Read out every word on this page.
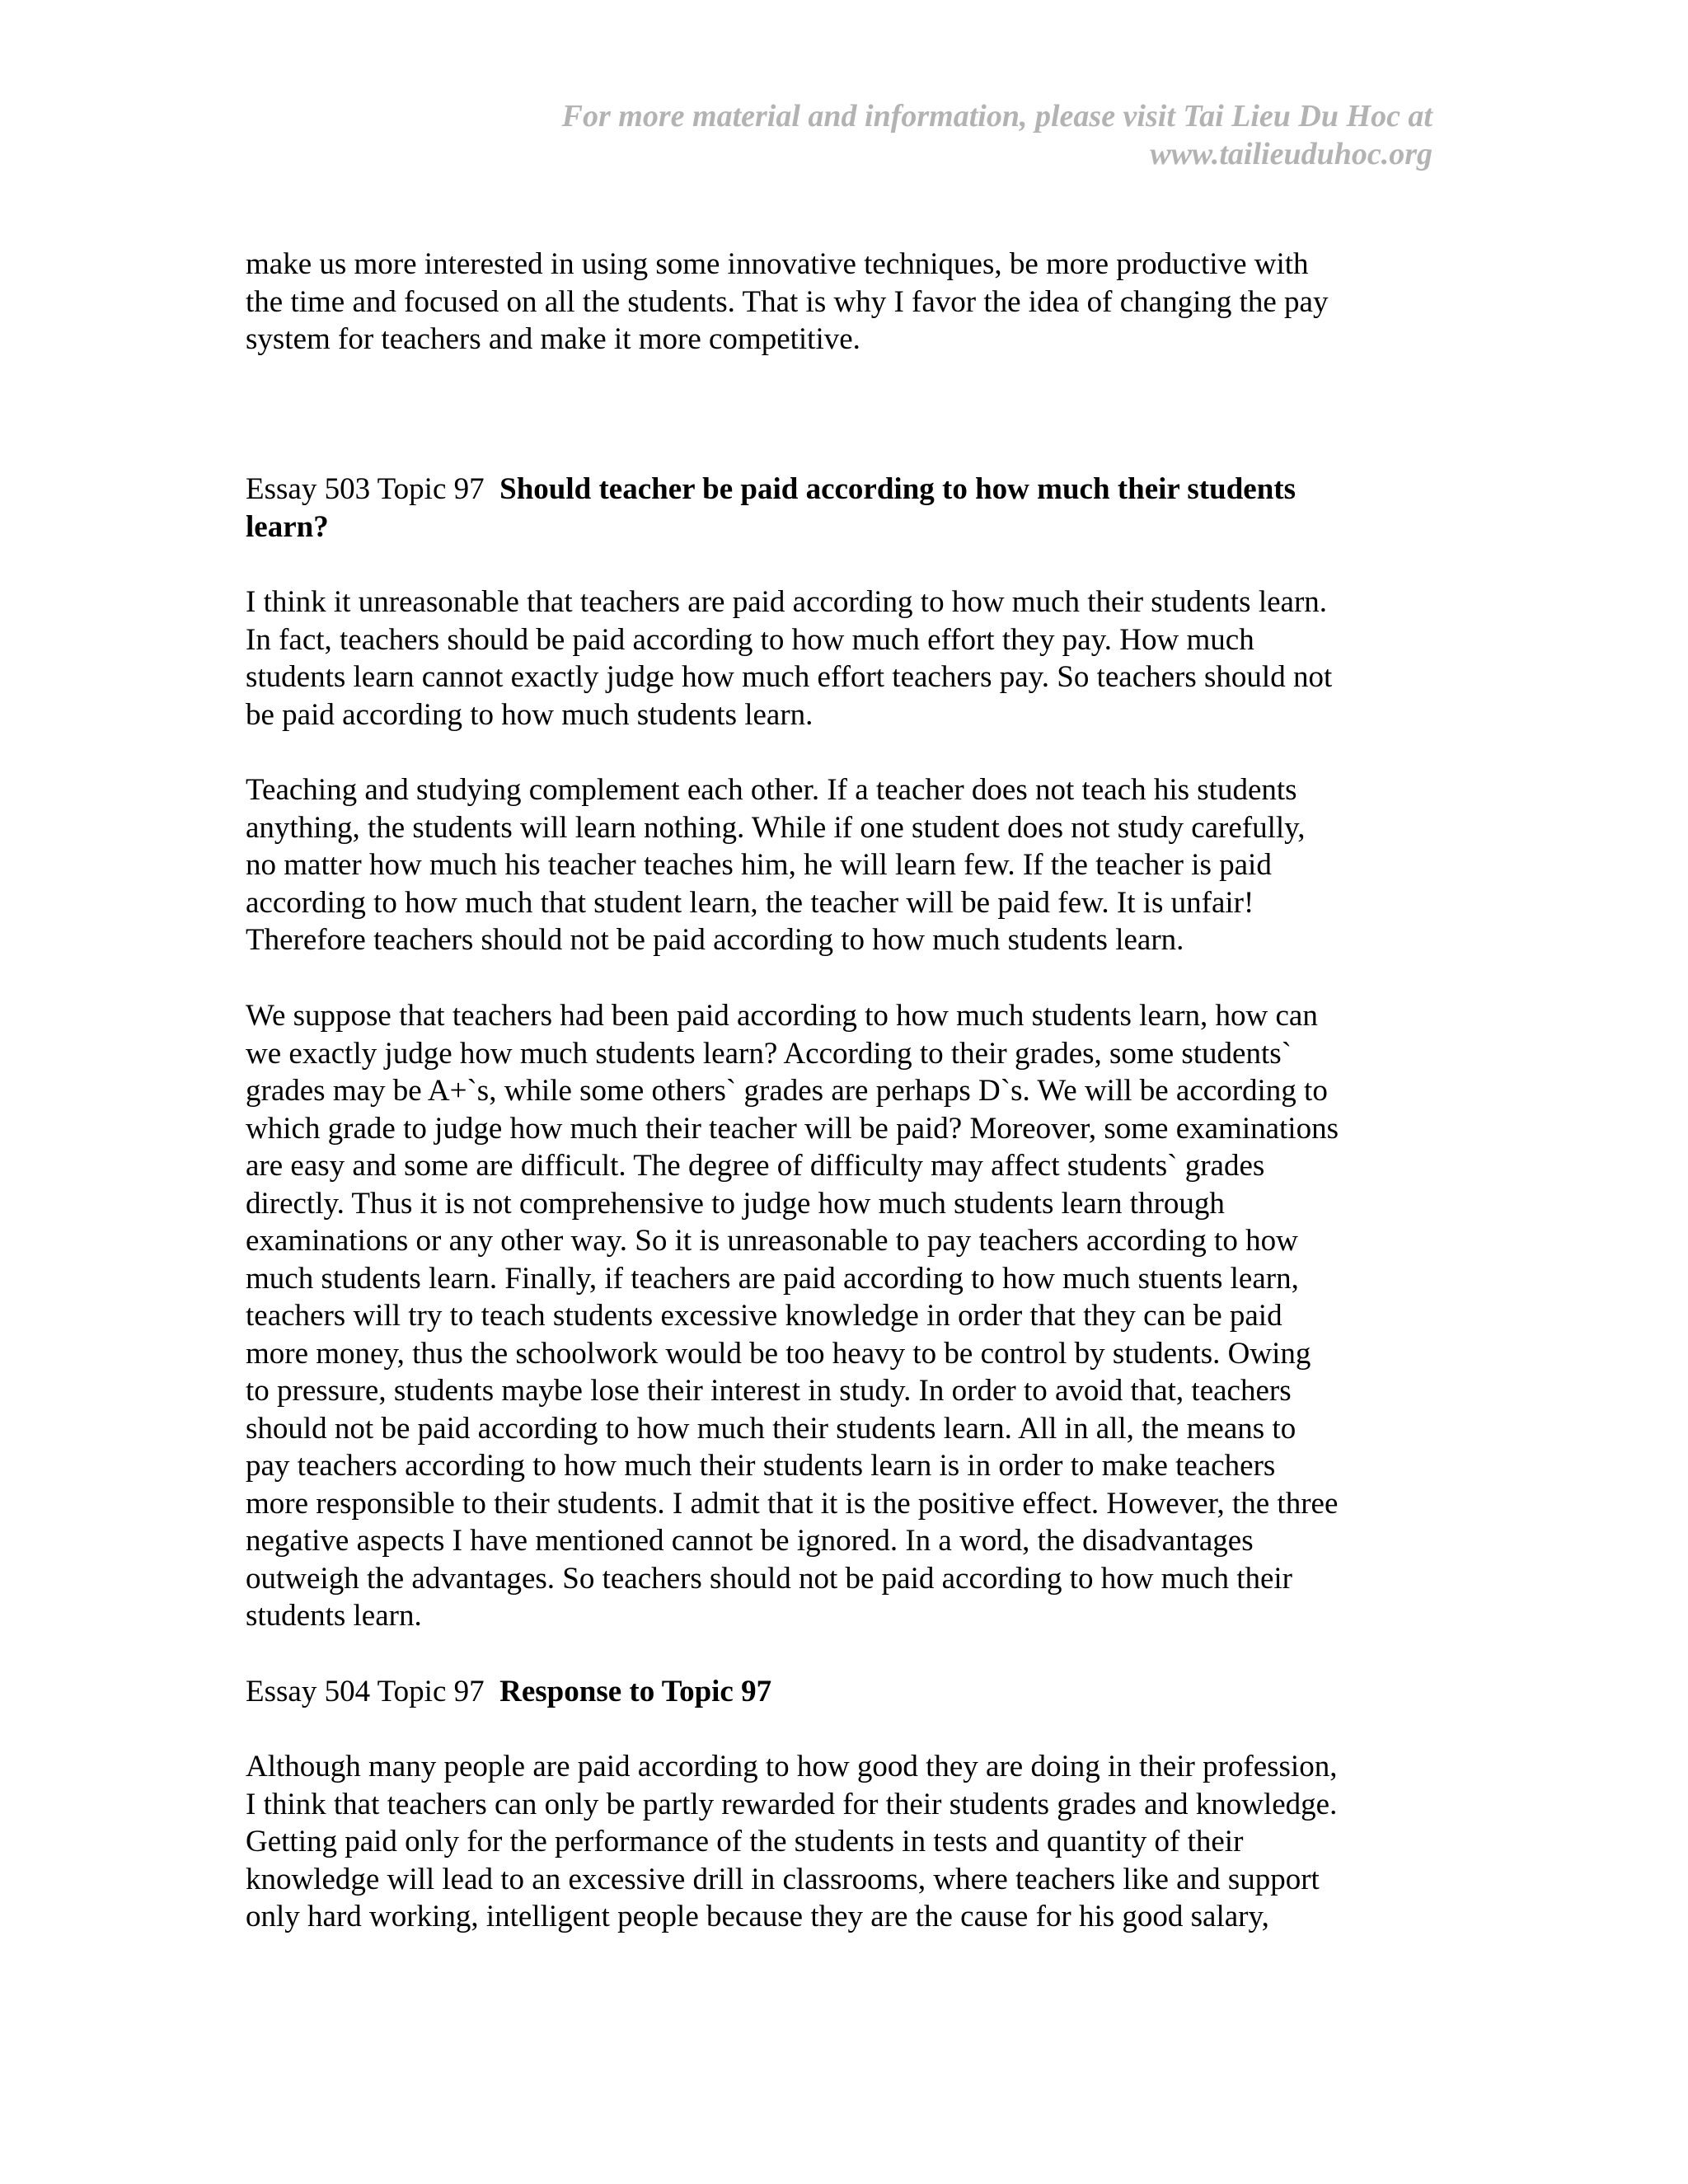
For more material and information, please visit Tai Lieu Du Hoc at
www.tailieuduhoc.org
make us more interested in using some innovative techniques, be more productive with
the time and focused on all the students. That is why I favor the idea of changing the pay
system for teachers and make it more competitive.
Essay 503 Topic 97  Should teacher be paid according to how much their students
learn?
I think it unreasonable that teachers are paid according to how much their students learn.
In fact, teachers should be paid according to how much effort they pay. How much
students learn cannot exactly judge how much effort teachers pay. So teachers should not
be paid according to how much students learn.
Teaching and studying complement each other. If a teacher does not teach his students
anything, the students will learn nothing. While if one student does not study carefully,
no matter how much his teacher teaches him, he will learn few. If the teacher is paid
according to how much that student learn, the teacher will be paid few. It is unfair!
Therefore teachers should not be paid according to how much students learn.
We suppose that teachers had been paid according to how much students learn, how can
we exactly judge how much students learn? According to their grades, some students`
grades may be A+`s, while some others` grades are perhaps D`s. We will be according to
which grade to judge how much their teacher will be paid? Moreover, some examinations
are easy and some are difficult. The degree of difficulty may affect students` grades
directly. Thus it is not comprehensive to judge how much students learn through
examinations or any other way. So it is unreasonable to pay teachers according to how
much students learn. Finally, if teachers are paid according to how much stuents learn,
teachers will try to teach students excessive knowledge in order that they can be paid
more money, thus the schoolwork would be too heavy to be control by students. Owing
to pressure, students maybe lose their interest in study. In order to avoid that, teachers
should not be paid according to how much their students learn. All in all, the means to
pay teachers according to how much their students learn is in order to make teachers
more responsible to their students. I admit that it is the positive effect. However, the three
negative aspects I have mentioned cannot be ignored. In a word, the disadvantages
outweigh the advantages. So teachers should not be paid according to how much their
students learn.
Essay 504 Topic 97  Response to Topic 97
Although many people are paid according to how good they are doing in their profession,
I think that teachers can only be partly rewarded for their students grades and knowledge.
Getting paid only for the performance of the students in tests and quantity of their
knowledge will lead to an excessive drill in classrooms, where teachers like and support
only hard working, intelligent people because they are the cause for his good salary,
